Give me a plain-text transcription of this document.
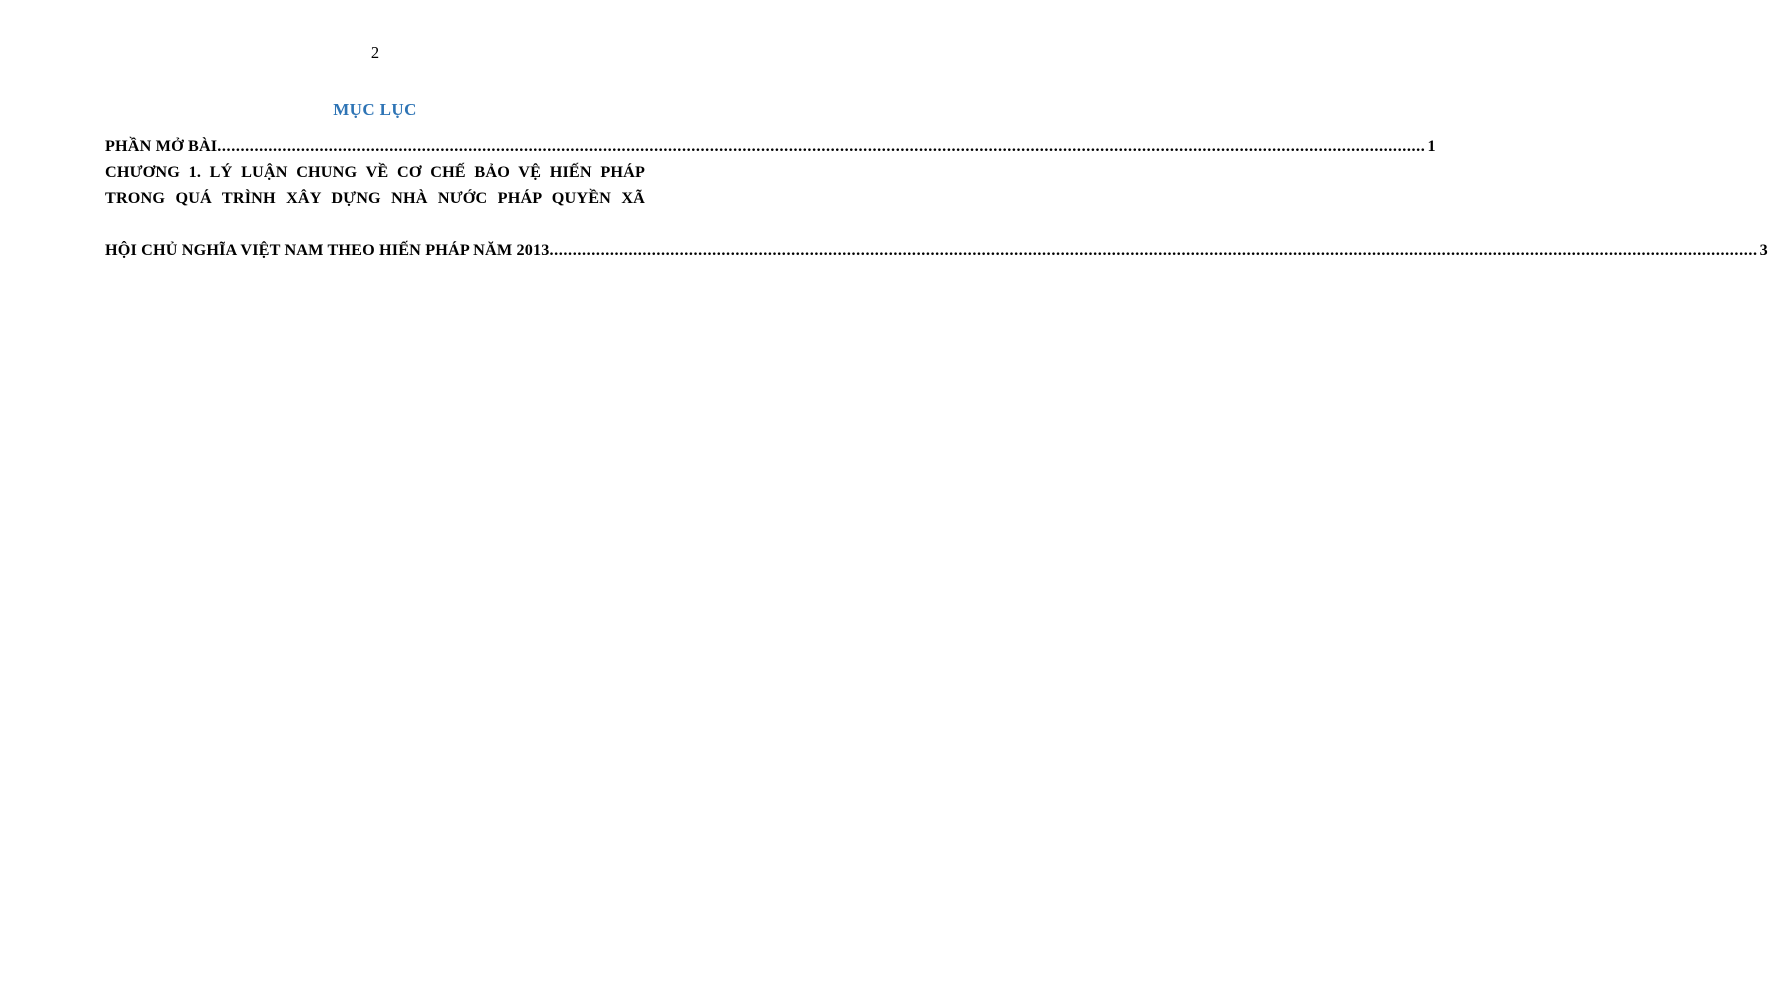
2
MỤC LỤC
PHẦN MỞ BÀI .................................................................................................................................................................................................................................................................... 1
CHƯƠNG 1. LÝ LUẬN CHUNG VỀ CƠ CHẾ BẢO VỆ HIẾN PHÁP TRONG QUÁ TRÌNH XÂY DỰNG NHÀ NƯỚC PHÁP QUYỀN XÃ
HỘI CHỦ NGHĨA VIỆT NAM THEO HIẾN PHÁP NĂM 2013 .................................................................................................................................................................................................................................................................... 3
